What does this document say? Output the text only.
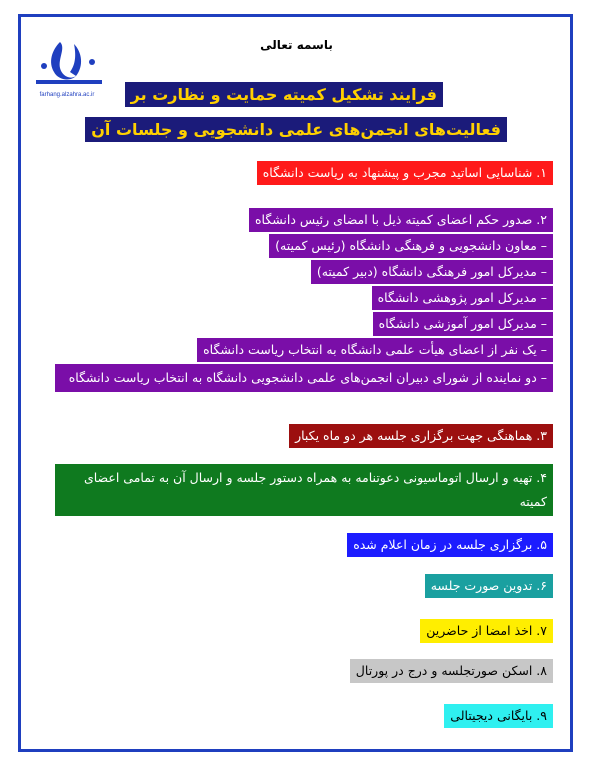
باسمه تعالی
farhang.alzahra.ac.ir	فرایند تشکیل کمیته حمایت و نظارت بر
فعالیت‌های انجمن‌های علمی دانشجویی و جلسات آن
۱. شناسایی اساتید مجرب و پیشنهاد به ریاست دانشگاه
۲. صدور حکم اعضای کمیته ذیل با امضای رئیس دانشگاه
– معاون دانشجویی و فرهنگی دانشگاه (رئیس کمیته)
– مدیرکل امور فرهنگی دانشگاه (دبیر کمیته)
– مدیرکل امور پژوهشی دانشگاه
– مدیرکل امور آموزشی دانشگاه
– یک نفر از اعضای هیأت علمی دانشگاه به انتخاب ریاست دانشگاه
– دو نماینده از شورای دبیران انجمن‌های علمی دانشجویی دانشگاه به انتخاب ریاست دانشگاه
۳. هماهنگی جهت برگزاری جلسه هر دو ماه یکبار
۴. تهیه و ارسال اتوماسیونی دعوتنامه به همراه دستور جلسه و ارسال آن به تمامی اعضای کمیته
۵. برگزاری جلسه در زمان اعلام شده
۶. تدوین صورت جلسه
۷. اخذ امضا از حاضرین
۸. اسکن صورتجلسه و درج در پورتال
۹. بایگانی دیجیتالی
